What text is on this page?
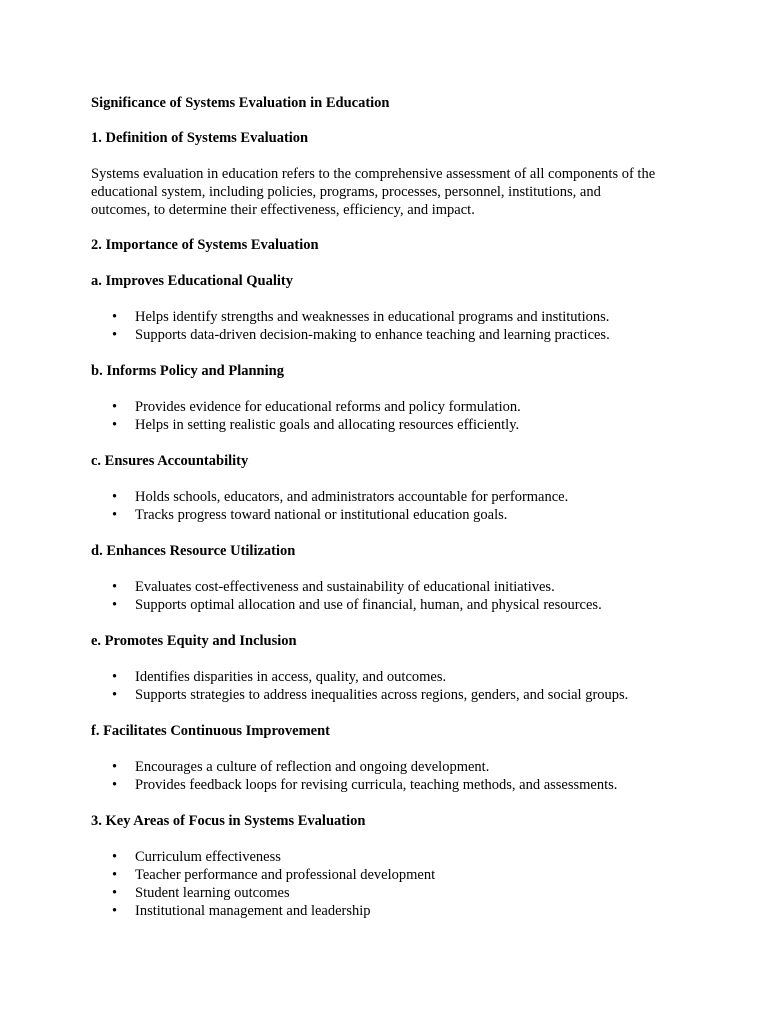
Significance of Systems Evaluation in Education

1. Definition of Systems Evaluation

Systems evaluation in education refers to the comprehensive assessment of all components of the
educational system, including policies, programs, processes, personnel, institutions, and
outcomes, to determine their effectiveness, efficiency, and impact.

2. Importance of Systems Evaluation

a. Improves Educational Quality

• Helps identify strengths and weaknesses in educational programs and institutions.
• Supports data-driven decision-making to enhance teaching and learning practices.

b. Informs Policy and Planning

• Provides evidence for educational reforms and policy formulation.
• Helps in setting realistic goals and allocating resources efficiently.

c. Ensures Accountability

• Holds schools, educators, and administrators accountable for performance.
• Tracks progress toward national or institutional education goals.

d. Enhances Resource Utilization

• Evaluates cost-effectiveness and sustainability of educational initiatives.
• Supports optimal allocation and use of financial, human, and physical resources.

e. Promotes Equity and Inclusion

• Identifies disparities in access, quality, and outcomes.
• Supports strategies to address inequalities across regions, genders, and social groups.

f. Facilitates Continuous Improvement

• Encourages a culture of reflection and ongoing development.
• Provides feedback loops for revising curricula, teaching methods, and assessments.

3. Key Areas of Focus in Systems Evaluation

• Curriculum effectiveness
• Teacher performance and professional development
• Student learning outcomes
• Institutional management and leadership
